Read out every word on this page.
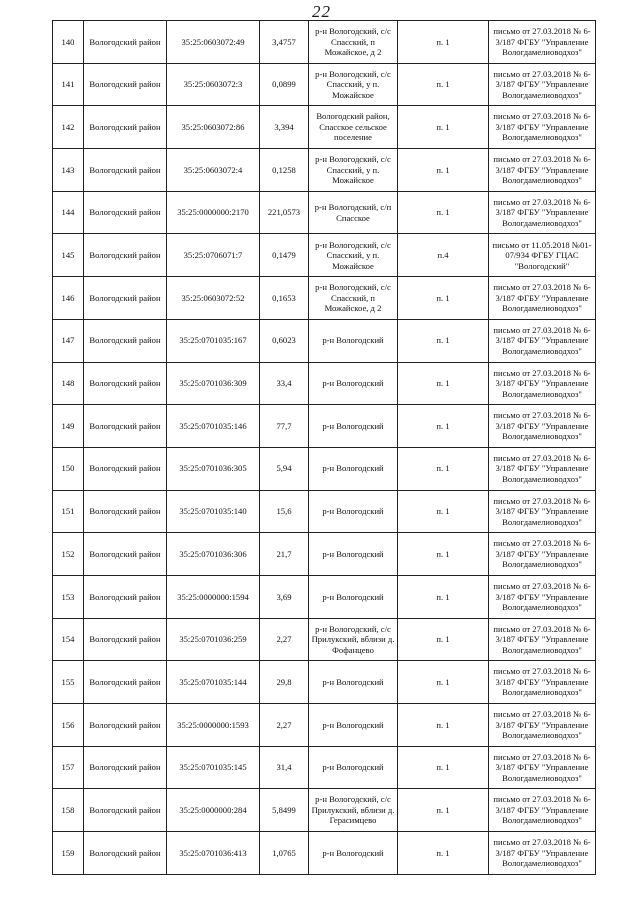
22
140	Вологодский район	35:25:0603072:49	3,4757	р-н Вологодский, с/с Спасский, п Можайское, д 2	п. 1	письмо от 27.03.2018 № 6-3/187 ФГБУ "Управление Вологдамелиоводхоз"
141	Вологодский район	35:25:0603072:3	0,0899	р-н Вологодский, с/с Спасский, у п. Можайское	п. 1	письмо от 27.03.2018 № 6-3/187 ФГБУ "Управление Вологдамелиоводхоз"
142	Вологодский район	35:25:0603072:86	3,394	Вологодский район, Спасское сельское поселение	п. 1	письмо от 27.03.2018 № 6-3/187 ФГБУ "Управление Вологдамелиоводхоз"
143	Вологодский район	35:25:0603072:4	0,1258	р-н Вологодский, с/с Спасский, у п. Можайское	п. 1	письмо от 27.03.2018 № 6-3/187 ФГБУ "Управление Вологдамелиоводхоз"
144	Вологодский район	35:25:0000000:2170	221,0573	р-н Вологодский, с/п Спасское	п. 1	письмо от 27.03.2018 № 6-3/187 ФГБУ "Управление Вологдамелиоводхоз"
145	Вологодский район	35:25:0706071:7	0,1479	р-н Вологодский, с/с Спасский, у п. Можайское	п.4	письмо от 11.05.2018 №01-07/934 ФГБУ ГЦАС "Вологодский"
146	Вологодский район	35:25:0603072:52	0,1653	р-н Вологодский, с/с Спасский, п Можайское, д 2	п. 1	письмо от 27.03.2018 № 6-3/187 ФГБУ "Управление Вологдамелиоводхоз"
147	Вологодский район	35:25:0701035:167	0,6023	р-н Вологодский	п. 1	письмо от 27.03.2018 № 6-3/187 ФГБУ "Управление Вологдамелиоводхоз"
148	Вологодский район	35:25:0701036:309	33,4	р-н Вологодский	п. 1	письмо от 27.03.2018 № 6-3/187 ФГБУ "Управление Вологдамелиоводхоз"
149	Вологодский район	35:25:0701035:146	77,7	р-н Вологодский	п. 1	письмо от 27.03.2018 № 6-3/187 ФГБУ "Управление Вологдамелиоводхоз"
150	Вологодский район	35:25:0701036:305	5,94	р-н Вологодский	п. 1	письмо от 27.03.2018 № 6-3/187 ФГБУ "Управление Вологдамелиоводхоз"
151	Вологодский район	35:25:0701035:140	15,6	р-н Вологодский	п. 1	письмо от 27.03.2018 № 6-3/187 ФГБУ "Управление Вологдамелиоводхоз"
152	Вологодский район	35:25:0701036:306	21,7	р-н Вологодский	п. 1	письмо от 27.03.2018 № 6-3/187 ФГБУ "Управление Вологдамелиоводхоз"
153	Вологодский район	35:25:0000000:1594	3,69	р-н Вологодский	п. 1	письмо от 27.03.2018 № 6-3/187 ФГБУ "Управление Вологдамелиоводхоз"
154	Вологодский район	35:25:0701036:259	2,27	р-н Вологодский, с/с Прилукский, вблизи д. Фофанцево	п. 1	письмо от 27.03.2018 № 6-3/187 ФГБУ "Управление Вологдамелиоводхоз"
155	Вологодский район	35:25:0701035:144	29,8	р-н Вологодский	п. 1	письмо от 27.03.2018 № 6-3/187 ФГБУ "Управление Вологдамелиоводхоз"
156	Вологодский район	35:25:0000000:1593	2,27	р-н Вологодский	п. 1	письмо от 27.03.2018 № 6-3/187 ФГБУ "Управление Вологдамелиоводхоз"
157	Вологодский район	35:25:0701035:145	31,4	р-н Вологодский	п. 1	письмо от 27.03.2018 № 6-3/187 ФГБУ "Управление Вологдамелиоводхоз"
158	Вологодский район	35:25:0000000:284	5,8499	р-н Вологодский, с/с Прилукский, вблизи д. Герасимцево	п. 1	письмо от 27.03.2018 № 6-3/187 ФГБУ "Управление Вологдамелиоводхоз"
159	Вологодский район	35:25:0701036:413	1,0765	р-н Вологодский	п. 1	письмо от 27.03.2018 № 6-3/187 ФГБУ "Управление Вологдамелиоводхоз"
